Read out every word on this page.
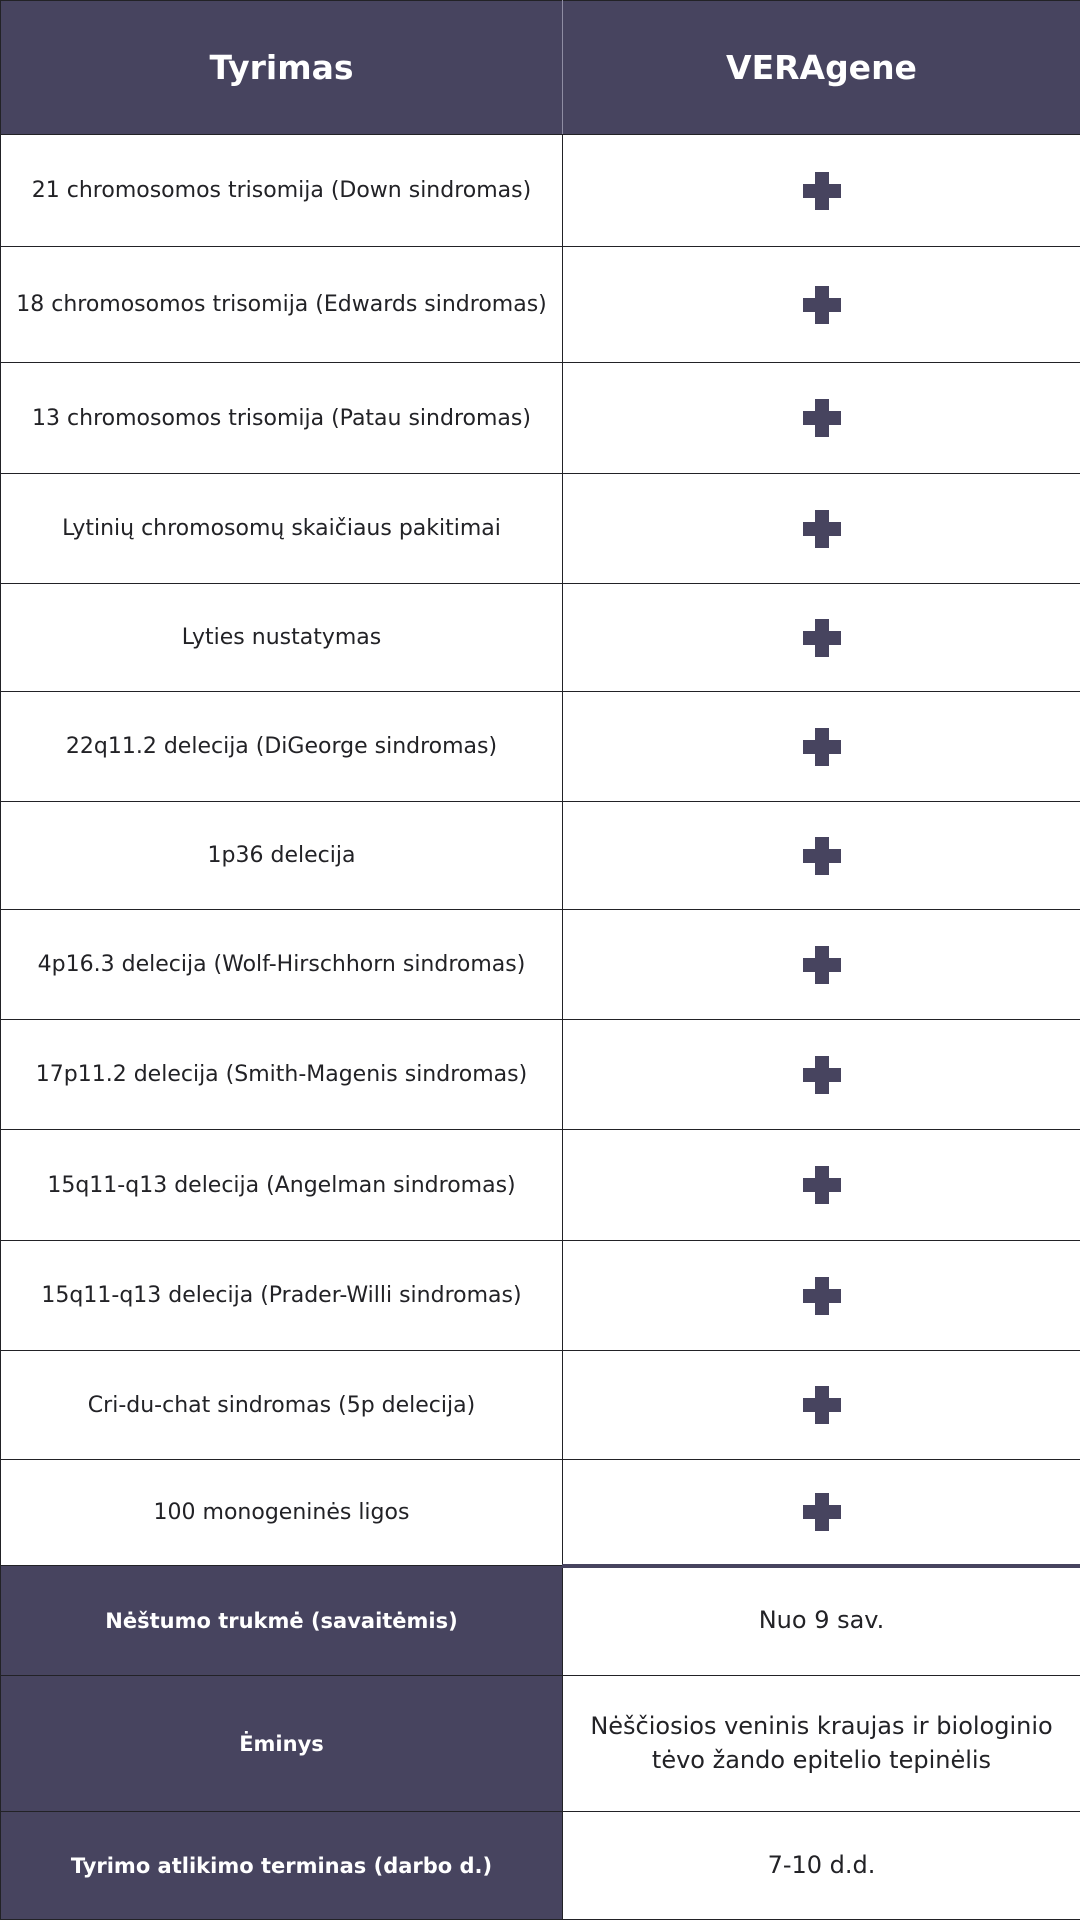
Tyrimas	VERAgene
21 chromosomos trisomija (Down sindromas)	
18 chromosomos trisomija (Edwards sindromas)	
13 chromosomos trisomija (Patau sindromas)	
Lytinių chromosomų skaičiaus pakitimai	
Lyties nustatymas	
22q11.2 delecija (DiGeorge sindromas)	
1p36 delecija	
4p16.3 delecija (Wolf-Hirschhorn sindromas)	
17p11.2 delecija (Smith-Magenis sindromas)	
15q11-q13 delecija (Angelman sindromas)	
15q11-q13 delecija (Prader-Willi sindromas)	
Cri-du-chat sindromas (5p delecija)	
100 monogeninės ligos	
Nėštumo trukmė (savaitėmis)	Nuo 9 sav.
Ėminys	Nėščiosios veninis kraujas ir biologinio tėvo žando epitelio tepinėlis
Tyrimo atlikimo terminas (darbo d.)	7-10 d.d.
